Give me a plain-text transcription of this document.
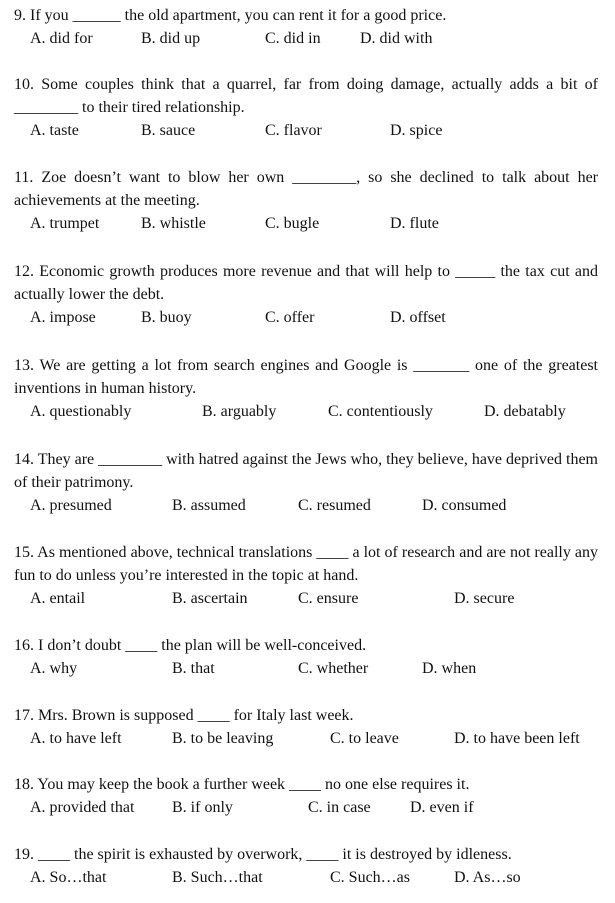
9. If you ______ the old apartment, you can rent it for a good price.
A. did for	B. did up	C. did in D. did with
10. Some couples think that a quarrel, far from doing damage, actually adds a bit of ________ to their tired relationship.
A. taste	B. sauce	C. flavor	D. spice
11. Zoe doesn’t want to blow her own ________, so she declined to talk about her achievements at the meeting.
A. trumpet	B. whistle	C. bugle	D. flute
12. Economic growth produces more revenue and that will help to _____ the tax cut and actually lower the debt.
A. impose	B. buoy	C. offer	D. offset
13. We are getting a lot from search engines and Google is _______ one of the greatest inventions in human history.
A. questionably	B. arguably	C. contentiously	D. debatably
14. They are ________ with hatred against the Jews who, they believe, have deprived them of their patrimony.
A. presumed	B. assumed	C. resumed	D. consumed
15. As mentioned above, technical translations ____ a lot of research and are not really any fun to do unless you’re interested in the topic at hand.
A. entail	B. ascertain	C. ensure	D. secure
16. I don’t doubt ____ the plan will be well-conceived.
A. why	B. that	C. whether	D. when
17. Mrs. Brown is supposed ____ for Italy last week.
A. to have left	B. to be leaving	C. to leave	D. to have been left
18. You may keep the book a further week ____ no one else requires it.
A. provided that B. if only	C. in case D. even if
19. ____ the spirit is exhausted by overwork, ____ it is destroyed by idleness.
A. So…that	B. Such…that	C. Such…as	D. As…so
